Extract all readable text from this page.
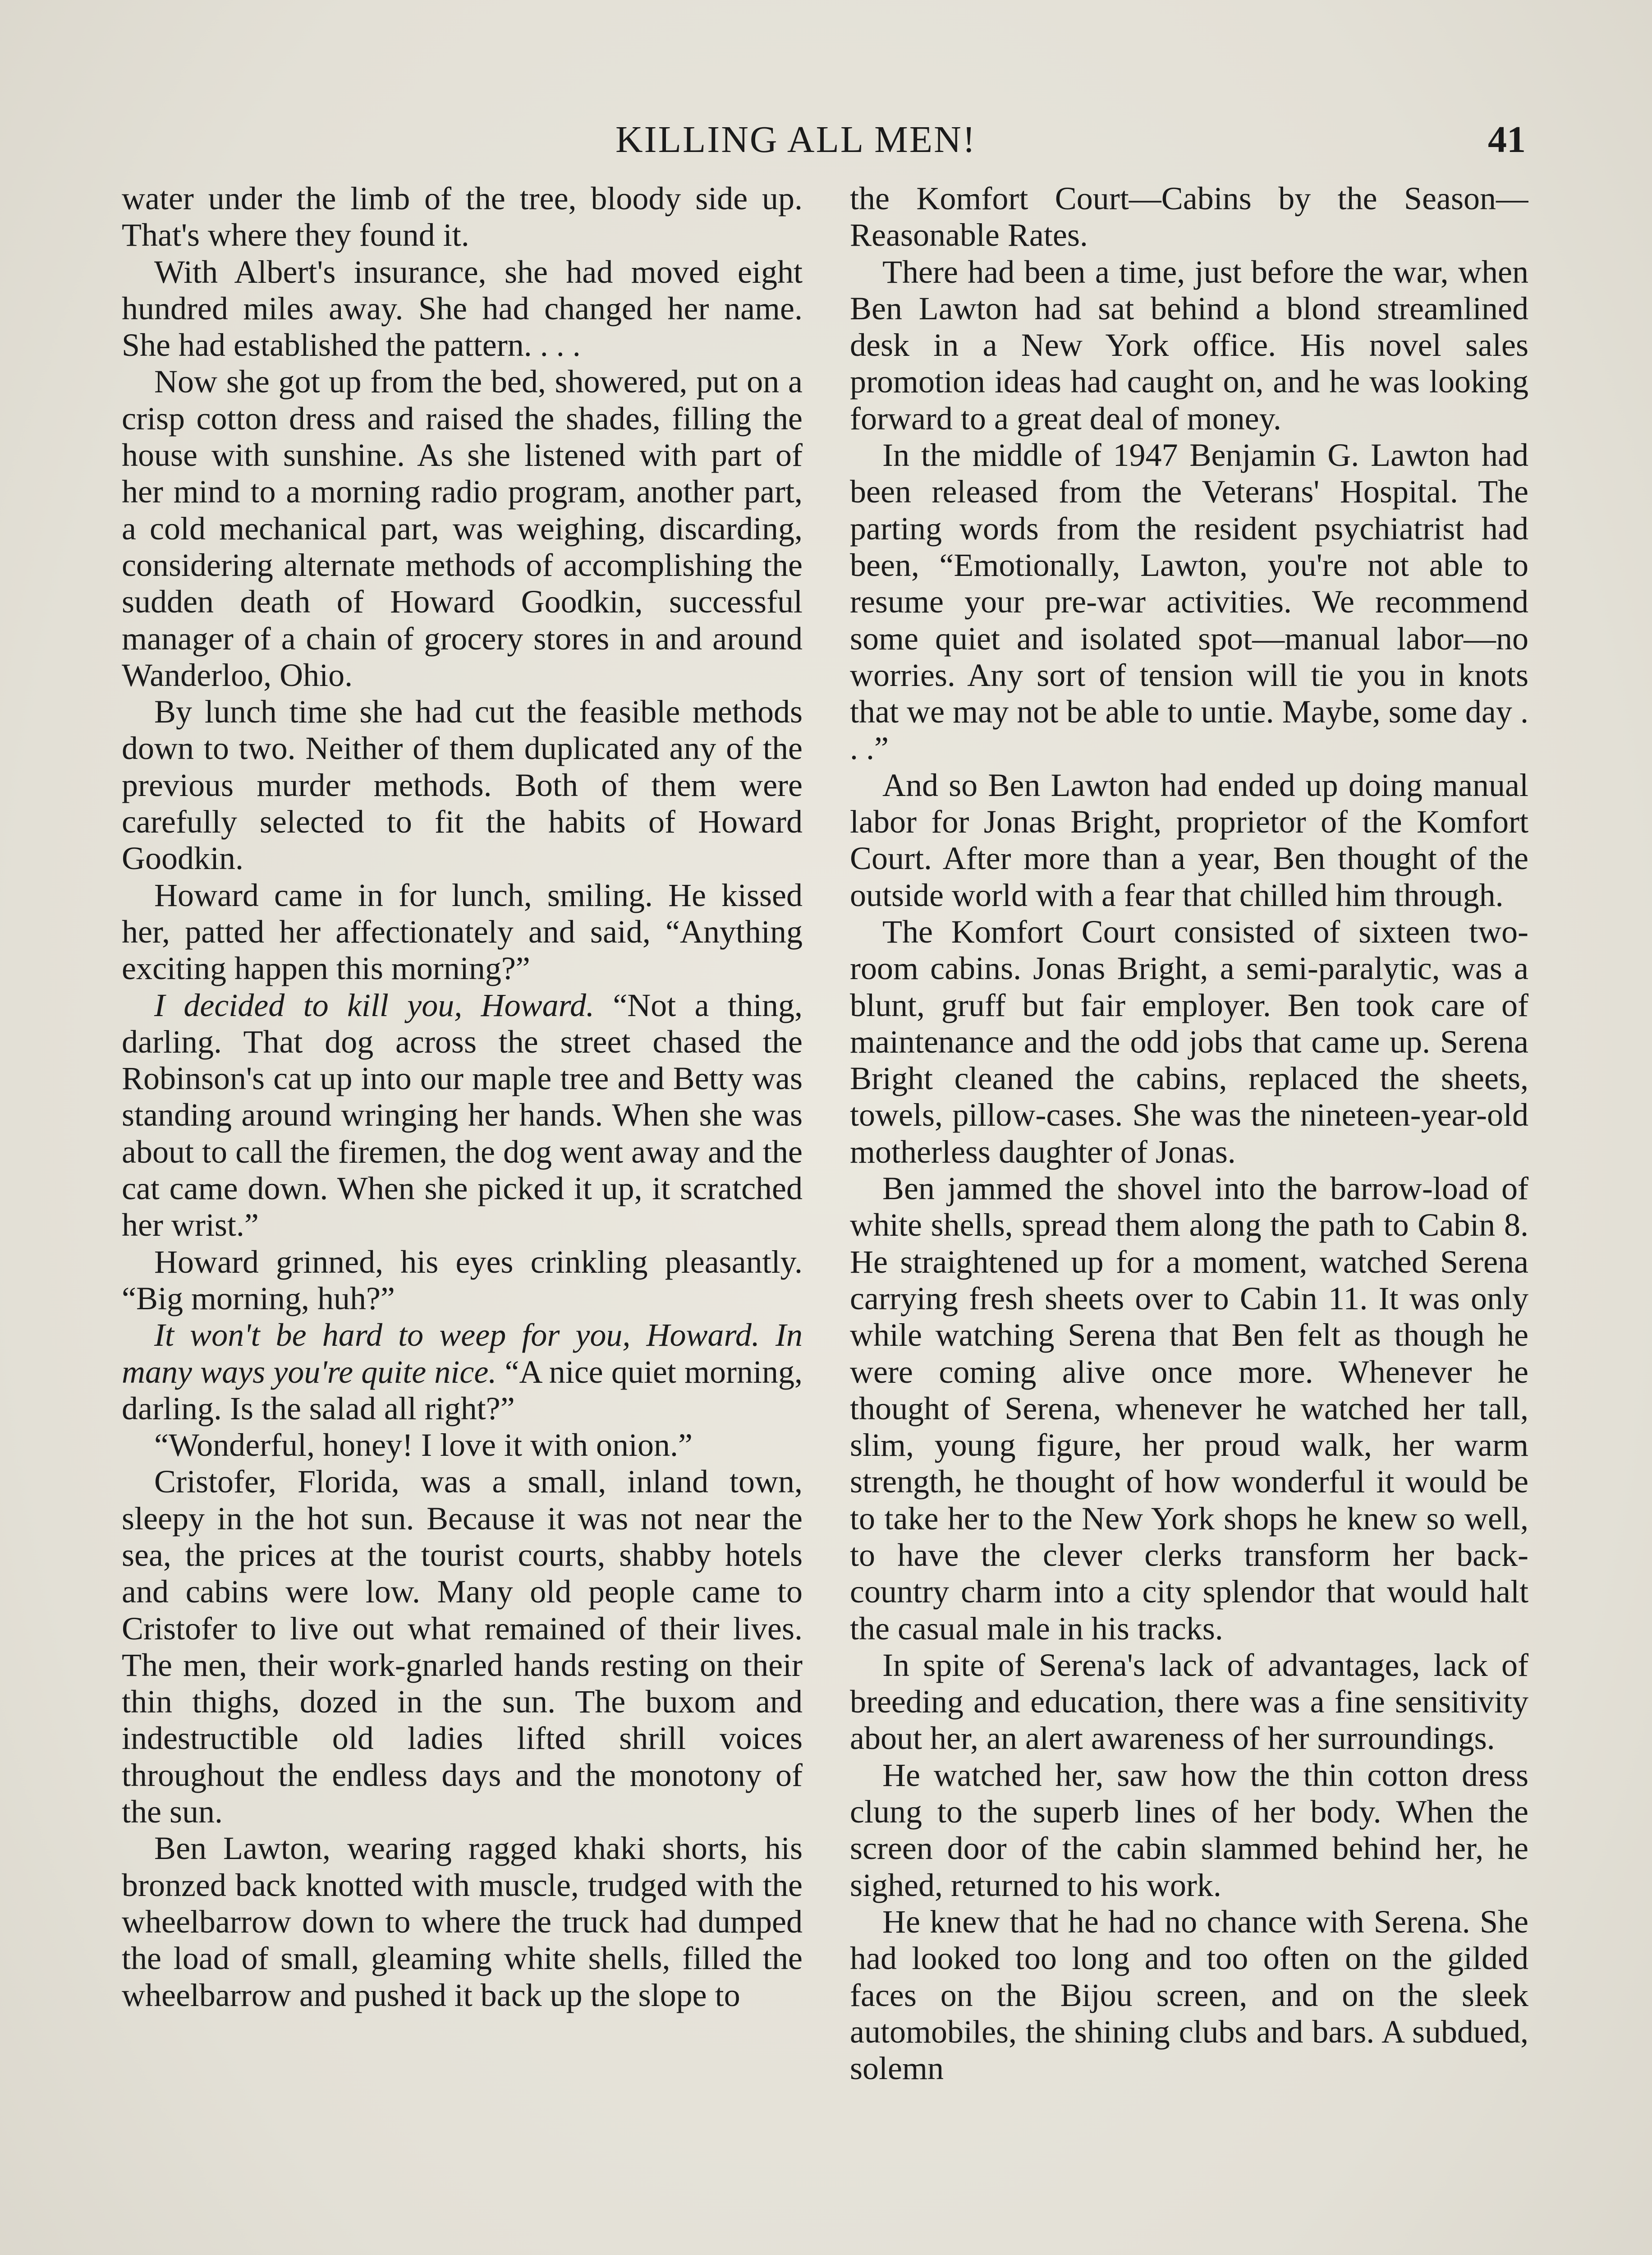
KILLING ALL MEN!	41

water under the limb of the tree, bloody side up. That's where they found it.

With Albert's insurance, she had moved eight hundred miles away. She had changed her name. She had established the pattern. . . .

Now she got up from the bed, showered, put on a crisp cotton dress and raised the shades, filling the house with sunshine. As she listened with part of her mind to a morning radio program, another part, a cold mechanical part, was weighing, discarding, considering alternate methods of accomplishing the sudden death of Howard Goodkin, successful manager of a chain of grocery stores in and around Wanderloo, Ohio.

By lunch time she had cut the feasible methods down to two. Neither of them duplicated any of the previous murder methods. Both of them were carefully selected to fit the habits of Howard Goodkin.

Howard came in for lunch, smiling. He kissed her, patted her affectionately and said, “Anything exciting happen this morning?”

I decided to kill you, Howard. “Not a thing, darling. That dog across the street chased the Robinson's cat up into our maple tree and Betty was standing around wringing her hands. When she was about to call the firemen, the dog went away and the cat came down. When she picked it up, it scratched her wrist.”

Howard grinned, his eyes crinkling pleasantly. “Big morning, huh?”

It won't be hard to weep for you, Howard. In many ways you're quite nice. “A nice quiet morning, darling. Is the salad all right?”

“Wonderful, honey! I love it with onion.”

Cristofer, Florida, was a small, inland town, sleepy in the hot sun. Because it was not near the sea, the prices at the tourist courts, shabby hotels and cabins were low. Many old people came to Cristofer to live out what remained of their lives. The men, their work-gnarled hands resting on their thin thighs, dozed in the sun. The buxom and indestructible old ladies lifted shrill voices throughout the endless days and the monotony of the sun.

Ben Lawton, wearing ragged khaki shorts, his bronzed back knotted with muscle, trudged with the wheelbarrow down to where the truck had dumped the load of small, gleaming white shells, filled the wheelbarrow and pushed it back up the slope to

the Komfort Court—Cabins by the Season—Reasonable Rates.

There had been a time, just before the war, when Ben Lawton had sat behind a blond streamlined desk in a New York office. His novel sales promotion ideas had caught on, and he was looking forward to a great deal of money.

In the middle of 1947 Benjamin G. Lawton had been released from the Veterans' Hospital. The parting words from the resident psychiatrist had been, “Emotionally, Lawton, you're not able to resume your pre-war activities. We recommend some quiet and isolated spot—manual labor—no worries. Any sort of tension will tie you in knots that we may not be able to untie. Maybe, some day . . .”

And so Ben Lawton had ended up doing manual labor for Jonas Bright, proprietor of the Komfort Court. After more than a year, Ben thought of the outside world with a fear that chilled him through.

The Komfort Court consisted of sixteen two-room cabins. Jonas Bright, a semi-paralytic, was a blunt, gruff but fair employer. Ben took care of maintenance and the odd jobs that came up. Serena Bright cleaned the cabins, replaced the sheets, towels, pillow-cases. She was the nineteen-year-old motherless daughter of Jonas.

Ben jammed the shovel into the barrow-load of white shells, spread them along the path to Cabin 8. He straightened up for a moment, watched Serena carrying fresh sheets over to Cabin 11. It was only while watching Serena that Ben felt as though he were coming alive once more. Whenever he thought of Serena, whenever he watched her tall, slim, young figure, her proud walk, her warm strength, he thought of how wonderful it would be to take her to the New York shops he knew so well, to have the clever clerks transform her back-country charm into a city splendor that would halt the casual male in his tracks.

In spite of Serena's lack of advantages, lack of breeding and education, there was a fine sensitivity about her, an alert awareness of her surroundings.

He watched her, saw how the thin cotton dress clung to the superb lines of her body. When the screen door of the cabin slammed behind her, he sighed, returned to his work.

He knew that he had no chance with Serena. She had looked too long and too often on the gilded faces on the Bijou screen, and on the sleek automobiles, the shining clubs and bars. A subdued, solemn
